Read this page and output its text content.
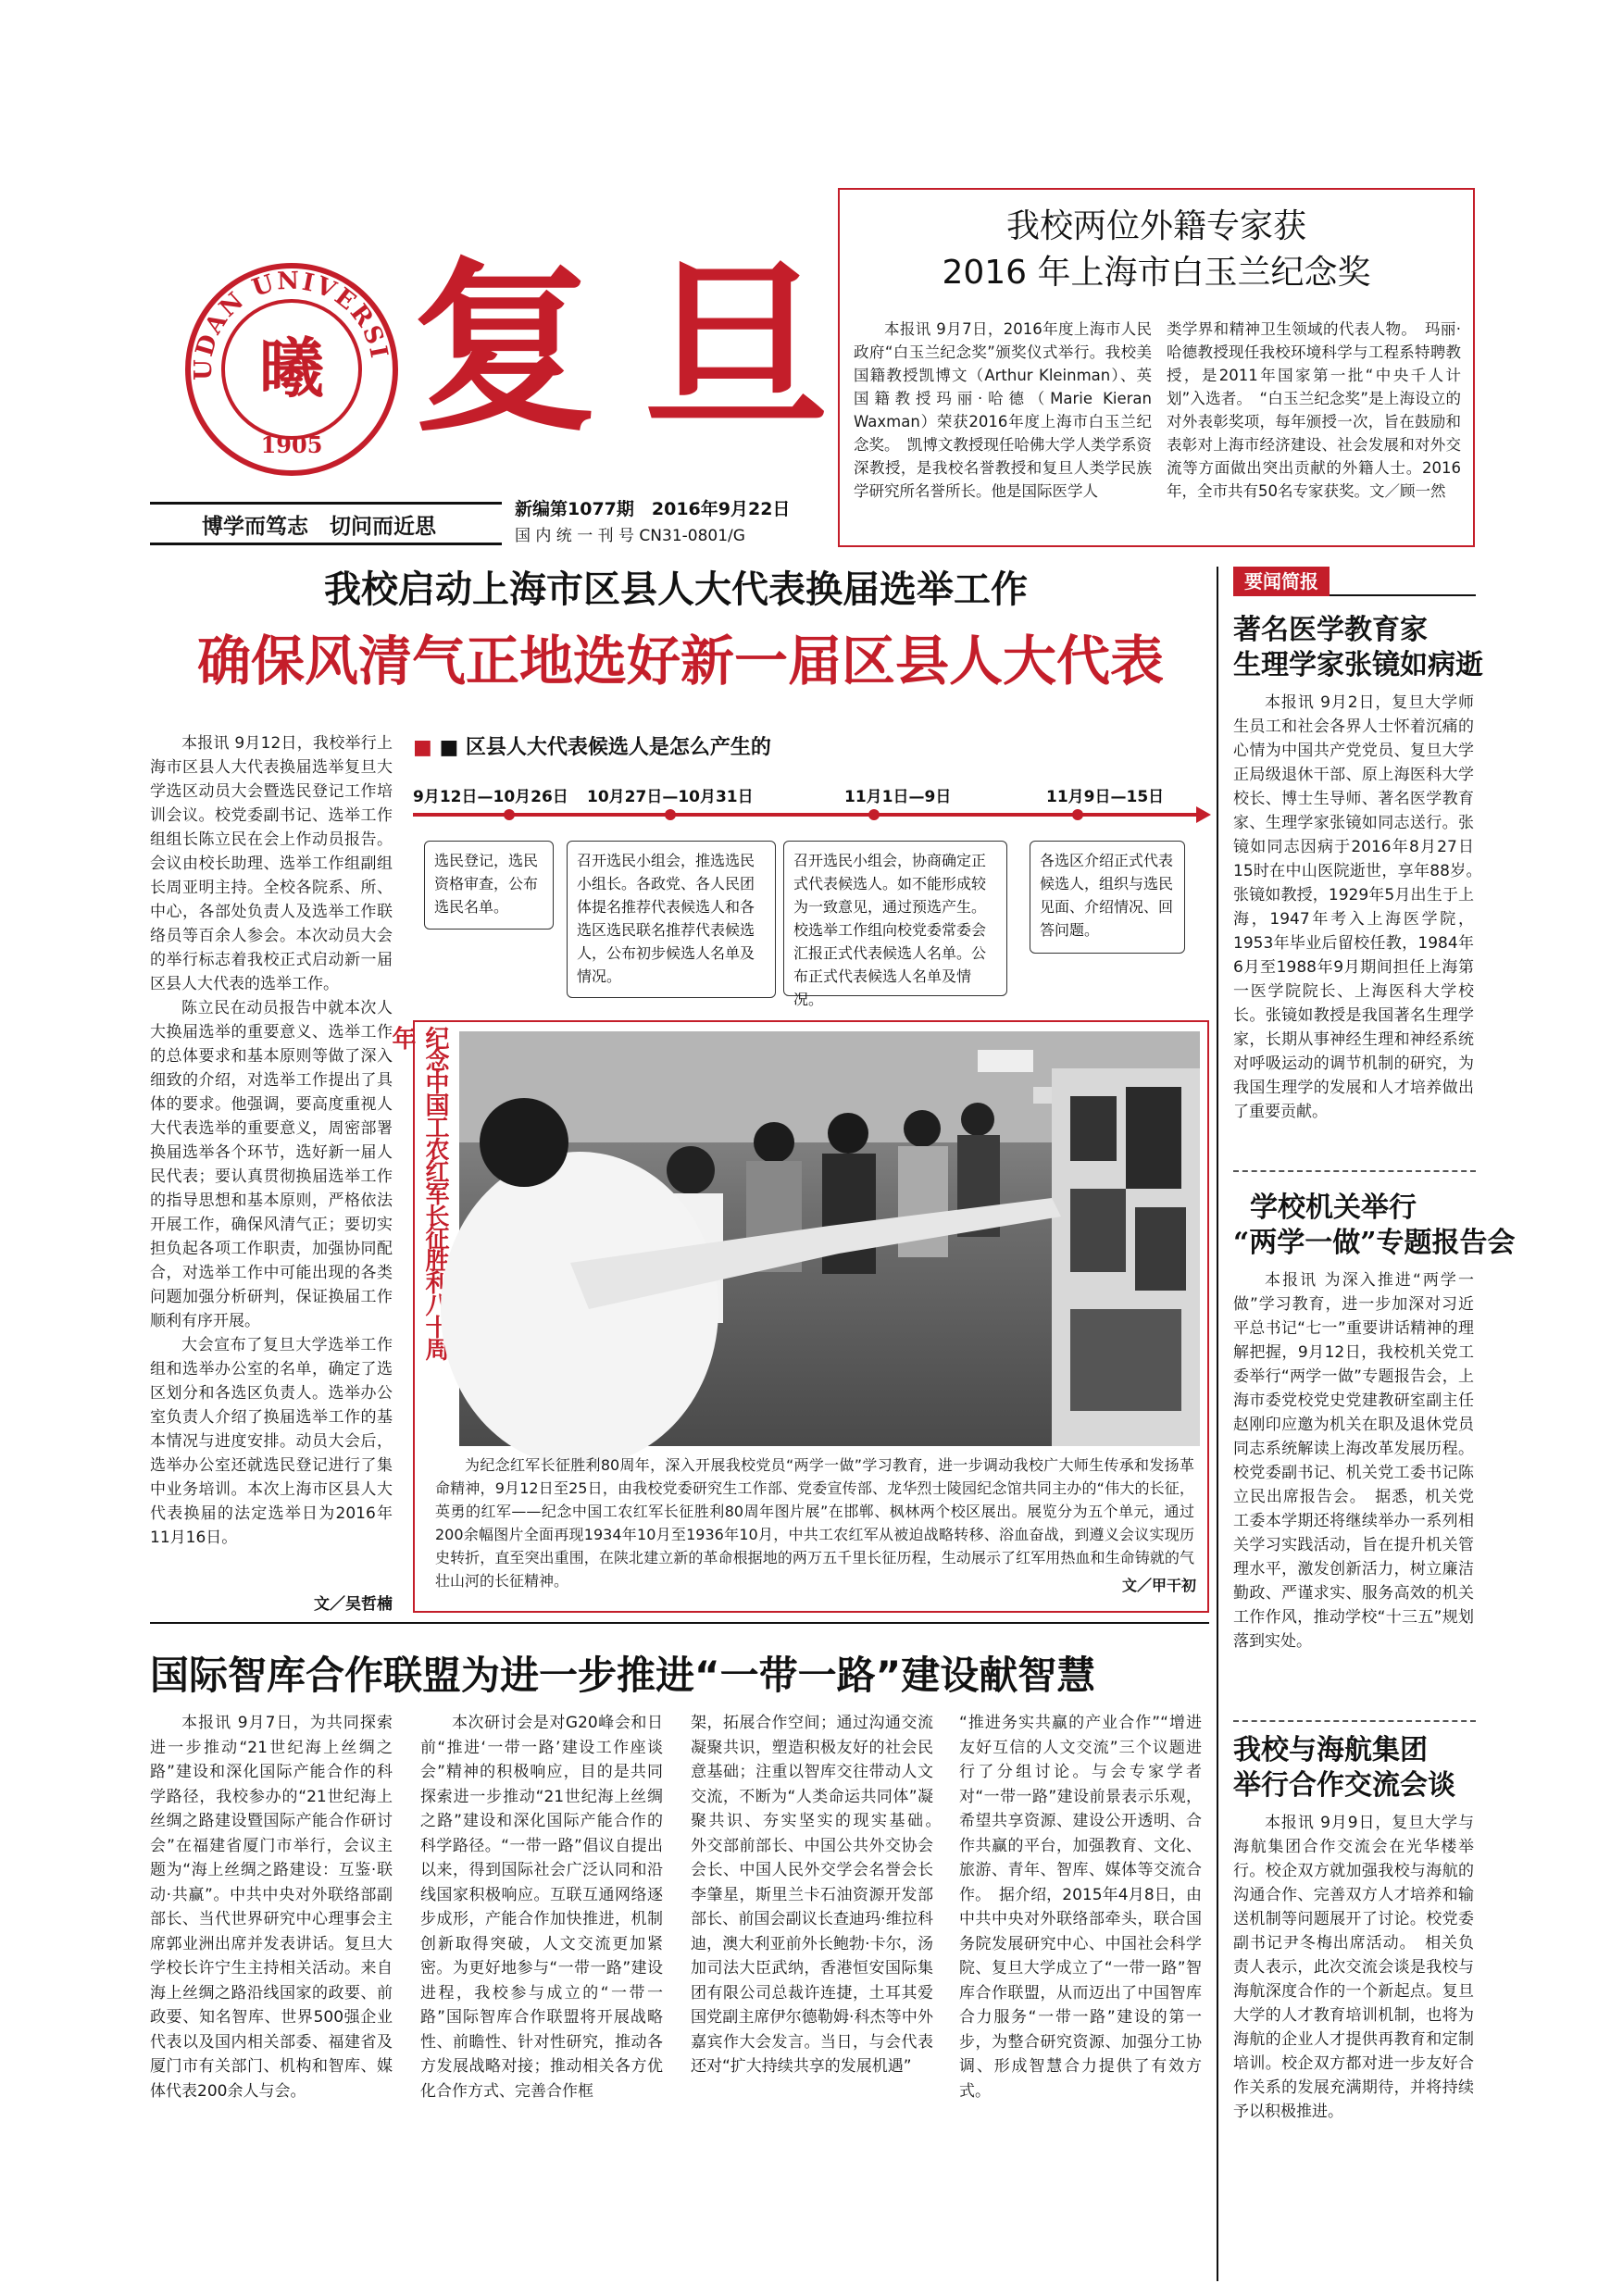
UDAN UNIVERSI
1905
曦 复 旦
博学而笃志　切问而近思
新编第1077期　2016年9月22日
国 内 统 一 刊 号 CN31-0801/G
我校两位外籍专家获
2016 年上海市白玉兰纪念奖

本报讯 9月7日，2016年度上海市人民政府“白玉兰纪念奖”颁奖仪式举行。我校美国籍教授凯博文（Arthur Kleinman）、英国籍教授玛丽·哈德（Marie Kieran Waxman）荣获2016年度上海市白玉兰纪念奖。　凯博文教授现任哈佛大学人类学系资深教授，是我校名誉教授和复旦人类学民族学研究所名誉所长。他是国际医学人

类学界和精神卫生领域的代表人物。　玛丽·哈德教授现任我校环境科学与工程系特聘教授，是2011年国家第一批“中央千人计划”入选者。　“白玉兰纪念奖”是上海设立的对外表彰奖项，每年颁授一次，旨在鼓励和表彰对上海市经济建设、社会发展和对外交流等方面做出突出贡献的外籍人士。2016年，全市共有50名专家获奖。文／顾一然

我校启动上海市区县人大代表换届选举工作
确保风清气正地选好新一届区县人大代表

本报讯 9月12日，我校举行上海市区县人大代表换届选举复旦大学选区动员大会暨选民登记工作培训会议。校党委副书记、选举工作组组长陈立民在会上作动员报告。会议由校长助理、选举工作组副组长周亚明主持。全校各院系、所、中心，各部处负责人及选举工作联络员等百余人参会。本次动员大会的举行标志着我校正式启动新一届区县人大代表的选举工作。

陈立民在动员报告中就本次人大换届选举的重要意义、选举工作的总体要求和基本原则等做了深入细致的介绍，对选举工作提出了具体的要求。他强调，要高度重视人大代表选举的重要意义，周密部署换届选举各个环节，选好新一届人民代表；要认真贯彻换届选举工作的指导思想和基本原则，严格依法开展工作，确保风清气正；要切实担负起各项工作职责，加强协同配合，对选举工作中可能出现的各类问题加强分析研判，保证换届工作顺利有序开展。

大会宣布了复旦大学选举工作组和选举办公室的名单，确定了选区划分和各选区负责人。选举办公室负责人介绍了换届选举工作的基本情况与进度安排。动员大会后，选举办公室还就选民登记进行了集中业务培训。本次上海市区县人大代表换届的法定选举日为2016年11月16日。

文／吴哲楠
■ ■ 区县人大代表候选人是怎么产生的
9月12日—10月26日 10月27日—10月31日	11月1日—9日	11月9日—15日
选民登记，选民资格审查，公布选民名单。
召开选民小组会，推选选民小组长。各政党、各人民团体提名推荐代表候选人和各选区选民联名推荐代表候选人，公布初步候选人名单及情况。
召开选民小组会，协商确定正式代表候选人。如不能形成较为一致意见，通过预选产生。校选举工作组向校党委常委会汇报正式代表候选人名单。公布正式代表候选人名单及情况。
各选区介绍正式代表候选人，组织与选民见面、介绍情况、回答问题。
纪念中国工农红军长征胜利八十周年

为纪念红军长征胜利80周年，深入开展我校党员“两学一做”学习教育，进一步调动我校广大师生传承和发扬革命精神，9月12日至25日，由我校党委研究生工作部、党委宣传部、龙华烈士陵园纪念馆共同主办的“伟大的长征，英勇的红军——纪念中国工农红军长征胜利80周年图片展”在邯郸、枫林两个校区展出。展览分为五个单元，通过200余幅图片全面再现1934年10月至1936年10月，中共工农红军从被迫战略转移、浴血奋战，到遵义会议实现历史转折，直至突出重围，在陕北建立新的革命根据地的两万五千里长征历程，生动展示了红军用热血和生命铸就的气壮山河的长征精神。	文／甲干初
要闻简报
著名医学教育家
生理学家张镜如病逝

本报讯 9月2日，复旦大学师生员工和社会各界人士怀着沉痛的心情为中国共产党党员、复旦大学正局级退休干部、原上海医科大学校长、博士生导师、著名医学教育家、生理学家张镜如同志送行。张镜如同志因病于2016年8月27日15时在中山医院逝世，享年88岁。　张镜如教授，1929年5月出生于上海，1947年考入上海医学院，1953年毕业后留校任教，1984年6月至1988年9月期间担任上海第一医学院院长、上海医科大学校长。张镜如教授是我国著名生理学家，长期从事神经生理和神经系统对呼吸运动的调节机制的研究，为我国生理学的发展和人才培养做出了重要贡献。

学校机关举行
“两学一做”专题报告会

本报讯 为深入推进“两学一做”学习教育，进一步加深对习近平总书记“七一”重要讲话精神的理解把握，9月12日，我校机关党工委举行“两学一做”专题报告会，上海市委党校党史党建教研室副主任赵刚印应邀为机关在职及退休党员同志系统解读上海改革发展历程。校党委副书记、机关党工委书记陈立民出席报告会。　据悉，机关党工委本学期还将继续举办一系列相关学习实践活动，旨在提升机关管理水平，激发创新活力，树立廉洁勤政、严谨求实、服务高效的机关工作作风，推动学校“十三五”规划落到实处。

我校与海航集团
举行合作交流会谈

本报讯 9月9日，复旦大学与海航集团合作交流会在光华楼举行。校企双方就加强我校与海航的沟通合作、完善双方人才培养和输送机制等问题展开了讨论。校党委副书记尹冬梅出席活动。　相关负责人表示，此次交流会谈是我校与海航深度合作的一个新起点。复旦大学的人才教育培训机制，也将为海航的企业人才提供再教育和定制培训。校企双方都对进一步友好合作关系的发展充满期待，并将持续予以积极推进。

国际智库合作联盟为进一步推进“一带一路”建设献智慧

本报讯 9月7日，为共同探索进一步推动“21世纪海上丝绸之路”建设和深化国际产能合作的科学路径，我校参办的“21世纪海上丝绸之路建设暨国际产能合作研讨会”在福建省厦门市举行，会议主题为“海上丝绸之路建设：互鉴·联动·共赢”。中共中央对外联络部副部长、当代世界研究中心理事会主席郭业洲出席并发表讲话。复旦大学校长许宁生主持相关活动。来自海上丝绸之路沿线国家的政要、前政要、知名智库、世界500强企业代表以及国内相关部委、福建省及厦门市有关部门、机构和智库、媒体代表200余人与会。

本次研讨会是对G20峰会和日前“推进‘一带一路’建设工作座谈会”精神的积极响应，目的是共同探索进一步推动“21世纪海上丝绸之路”建设和深化国际产能合作的科学路径。“一带一路”倡议自提出以来，得到国际社会广泛认同和沿线国家积极响应。互联互通网络逐步成形，产能合作加快推进，机制创新取得突破，人文交流更加紧密。为更好地参与“一带一路”建设进程，我校参与成立的“一带一路”国际智库合作联盟将开展战略性、前瞻性、针对性研究，推动各方发展战略对接；推动相关各方优化合作方式、完善合作框

架，拓展合作空间；通过沟通交流凝聚共识，塑造积极友好的社会民意基础；注重以智库交往带动人文交流，不断为“人类命运共同体”凝聚共识、夯实坚实的现实基础。　外交部前部长、中国公共外交协会会长、中国人民外交学会名誉会长李肇星，斯里兰卡石油资源开发部部长、前国会副议长查迪玛·维拉科迪，澳大利亚前外长鲍勃·卡尔，汤加司法大臣武纳，香港恒安国际集团有限公司总裁许连捷，土耳其爱国党副主席伊尔德勒姆·科杰等中外嘉宾作大会发言。当日，与会代表还对“扩大持续共享的发展机遇”

“推进务实共赢的产业合作”“增进友好互信的人文交流”三个议题进行了分组讨论。与会专家学者对“一带一路”建设前景表示乐观，希望共享资源、建设公开透明、合作共赢的平台，加强教育、文化、旅游、青年、智库、媒体等交流合作。　据介绍，2015年4月8日，由中共中央对外联络部牵头，联合国务院发展研究中心、中国社会科学院、复旦大学成立了“一带一路”智库合作联盟，从而迈出了中国智库合力服务“一带一路”建设的第一步，为整合研究资源、加强分工协调、形成智慧合力提供了有效方式。
